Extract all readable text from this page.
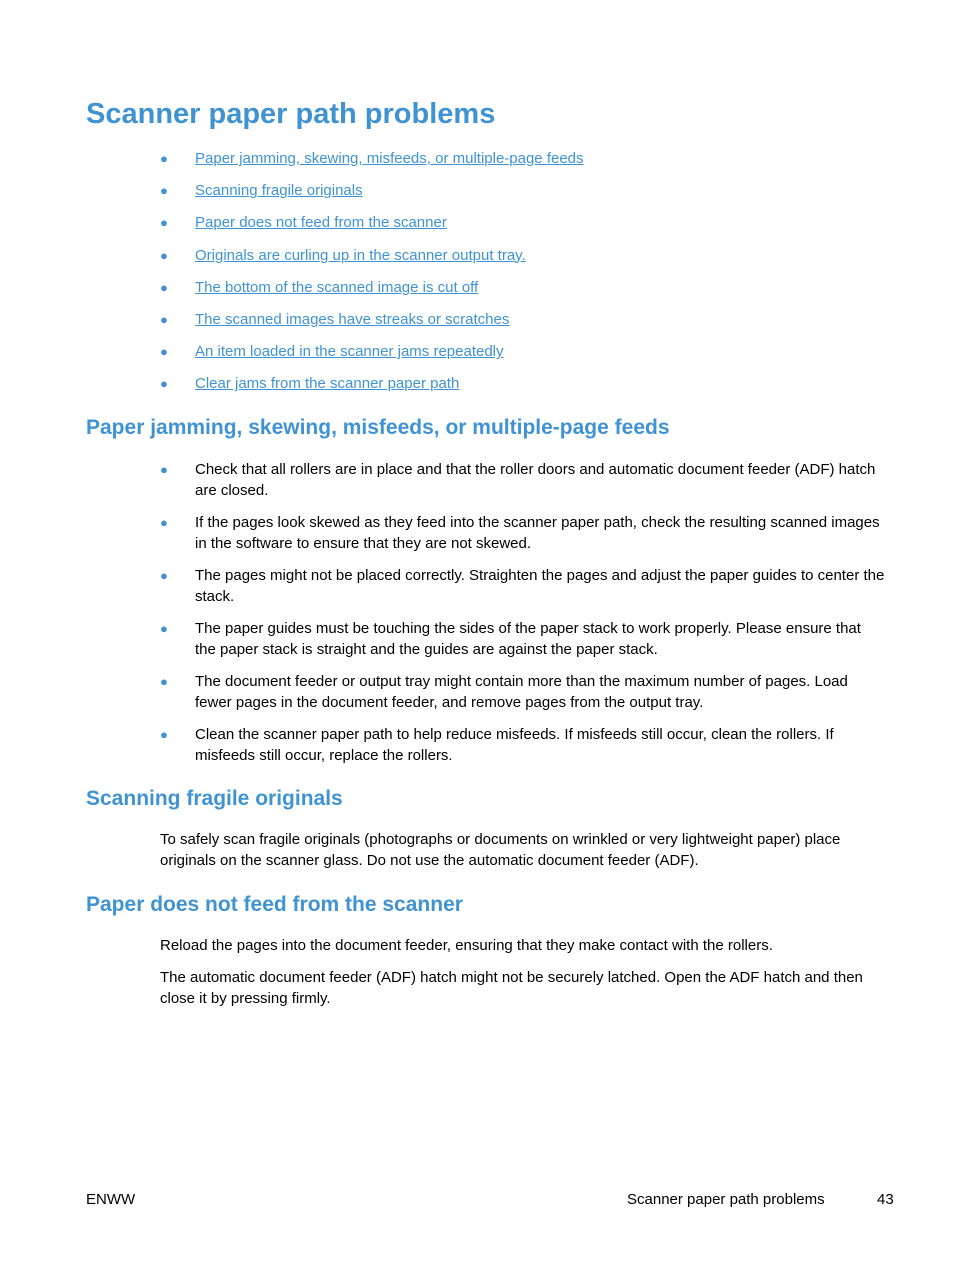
Scanner paper path problems
● Paper jamming, skewing, misfeeds, or multiple-page feeds
● Scanning fragile originals
● Paper does not feed from the scanner
● Originals are curling up in the scanner output tray.
● The bottom of the scanned image is cut off
● The scanned images have streaks or scratches
● An item loaded in the scanner jams repeatedly
● Clear jams from the scanner paper path
Paper jamming, skewing, misfeeds, or multiple-page feeds
● Check that all rollers are in place and that the roller doors and automatic document feeder (ADF) hatch are closed.
● If the pages look skewed as they feed into the scanner paper path, check the resulting scanned images in the software to ensure that they are not skewed.
● The pages might not be placed correctly. Straighten the pages and adjust the paper guides to center the stack.
● The paper guides must be touching the sides of the paper stack to work properly. Please ensure that the paper stack is straight and the guides are against the paper stack.
● The document feeder or output tray might contain more than the maximum number of pages. Load fewer pages in the document feeder, and remove pages from the output tray.
● Clean the scanner paper path to help reduce misfeeds. If misfeeds still occur, clean the rollers. If misfeeds still occur, replace the rollers.
Scanning fragile originals

To safely scan fragile originals (photographs or documents on wrinkled or very lightweight paper) place originals on the scanner glass. Do not use the automatic document feeder (ADF).

Paper does not feed from the scanner

Reload the pages into the document feeder, ensuring that they make contact with the rollers.

The automatic document feeder (ADF) hatch might not be securely latched. Open the ADF hatch and then close it by pressing firmly.

ENWW	Scanner paper path problems	43
